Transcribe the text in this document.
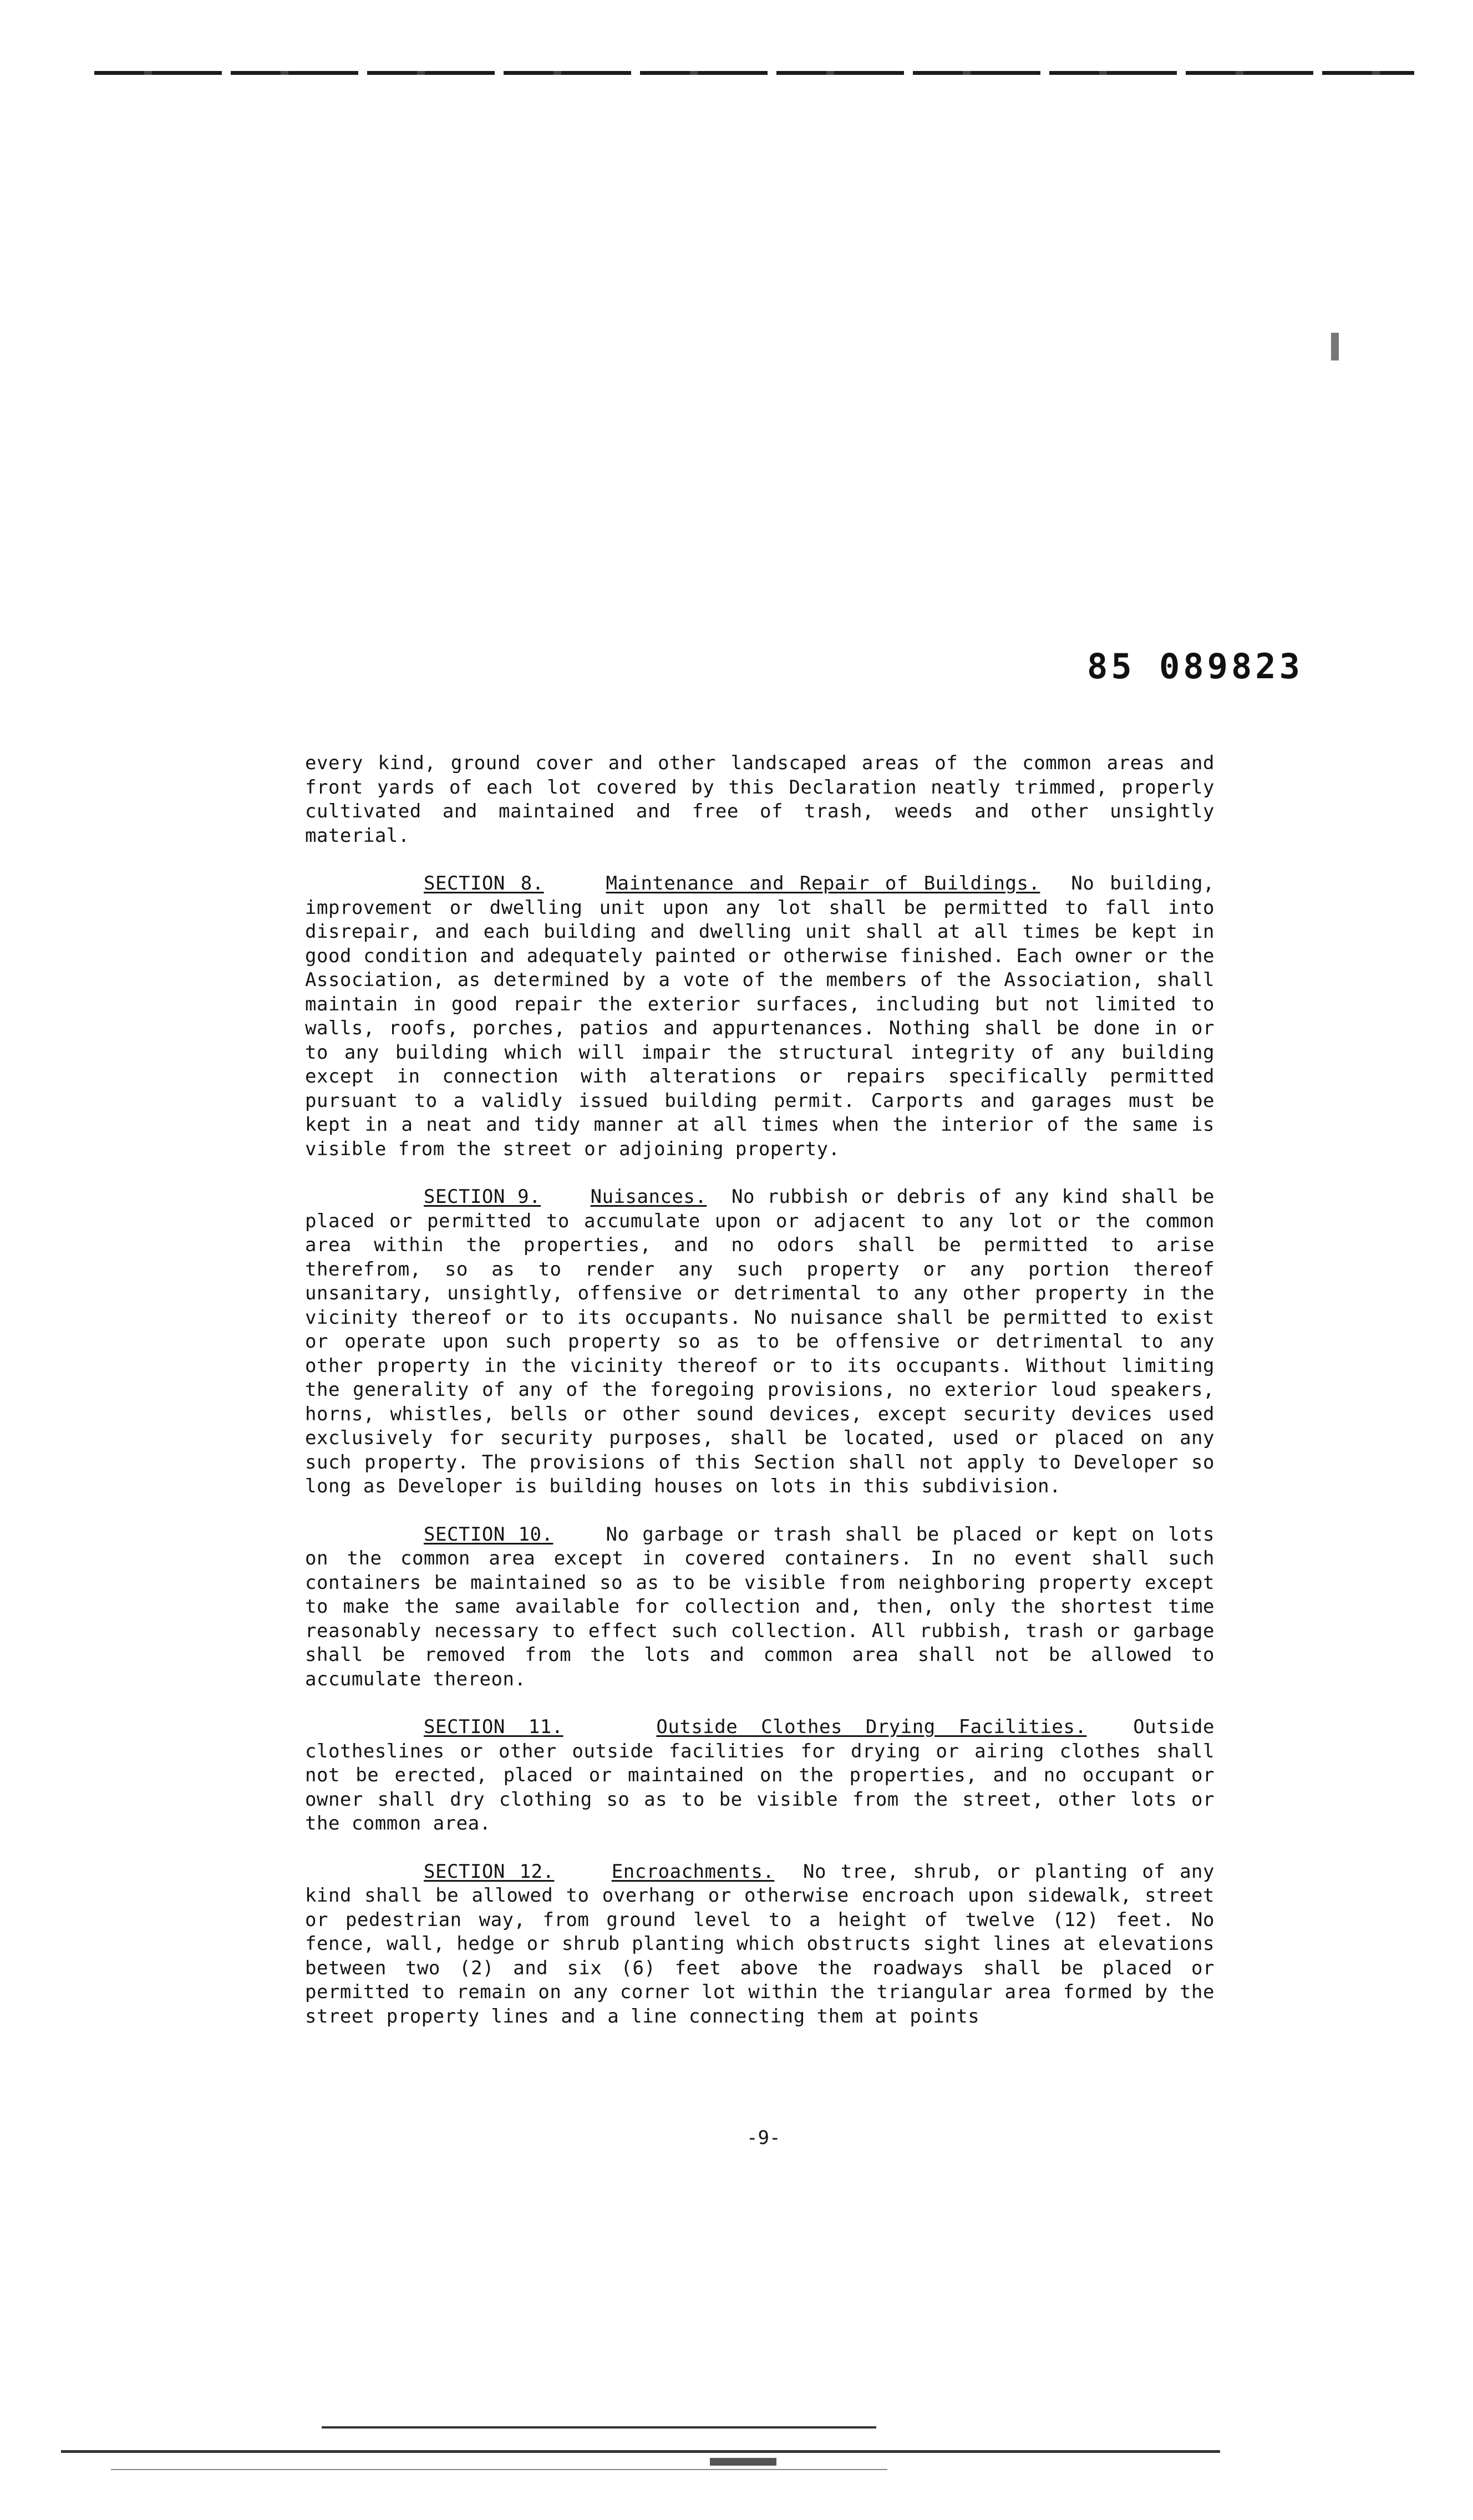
85 089823

every kind, ground cover and other landscaped areas of the common areas and front yards of each lot covered by this Declaration neatly trimmed, properly cultivated and maintained and free of trash, weeds and other unsightly material.

SECTION 8.	Maintenance and Repair of Buildings. No building, improvement or dwelling unit upon any lot shall be permitted to fall into disrepair, and each building and dwelling unit shall at all times be kept in good condition and adequately painted or otherwise finished. Each owner or the Association, as determined by a vote of the members of the Association, shall maintain in good repair the exterior surfaces, including but not limited to walls, roofs, porches, patios and appurtenances. Nothing shall be done in or to any building which will impair the structural integrity of any building except in connection with alterations or repairs specifically permitted pursuant to a validly issued building permit. Carports and garages must be kept in a neat and tidy manner at all times when the interior of the same is visible from the street or adjoining property.

SECTION 9.	Nuisances. No rubbish or debris of any kind shall be placed or permitted to accumulate upon or adjacent to any lot or the common area within the properties, and no odors shall be permitted to arise therefrom, so as to render any such property or any portion thereof unsanitary, unsightly, offensive or detrimental to any other property in the vicinity thereof or to its occupants. No nuisance shall be permitted to exist or operate upon such property so as to be offensive or detrimental to any other property in the vicinity thereof or to its occupants. Without limiting the generality of any of the foregoing provisions, no exterior loud speakers, horns, whistles, bells or other sound devices, except security devices used exclusively for security purposes, shall be located, used or placed on any such property. The provisions of this Section shall not apply to Developer so long as Developer is building houses on lots in this subdivision.

SECTION 10.	No garbage or trash shall be placed or kept on lots on the common area except in covered containers. In no event shall such containers be maintained so as to be visible from neighboring property except to make the same available for collection and, then, only the shortest time reasonably necessary to effect such collection. All rubbish, trash or garbage shall be removed from the lots and common area shall not be allowed to accumulate thereon.

SECTION 11.	Outside Clothes Drying Facilities. Outside clotheslines or other outside facilities for drying or airing clothes shall not be erected, placed or maintained on the properties, and no occupant or owner shall dry clothing so as to be visible from the street, other lots or the common area.

SECTION 12.	Encroachments. No tree, shrub, or planting of any kind shall be allowed to overhang or otherwise encroach upon sidewalk, street or pedestrian way, from ground level to a height of twelve (12) feet. No fence, wall, hedge or shrub planting which obstructs sight lines at elevations between two (2) and six (6) feet above the roadways shall be placed or permitted to remain on any corner lot within the triangular area formed by the street property lines and a line connecting them at points

-9-
